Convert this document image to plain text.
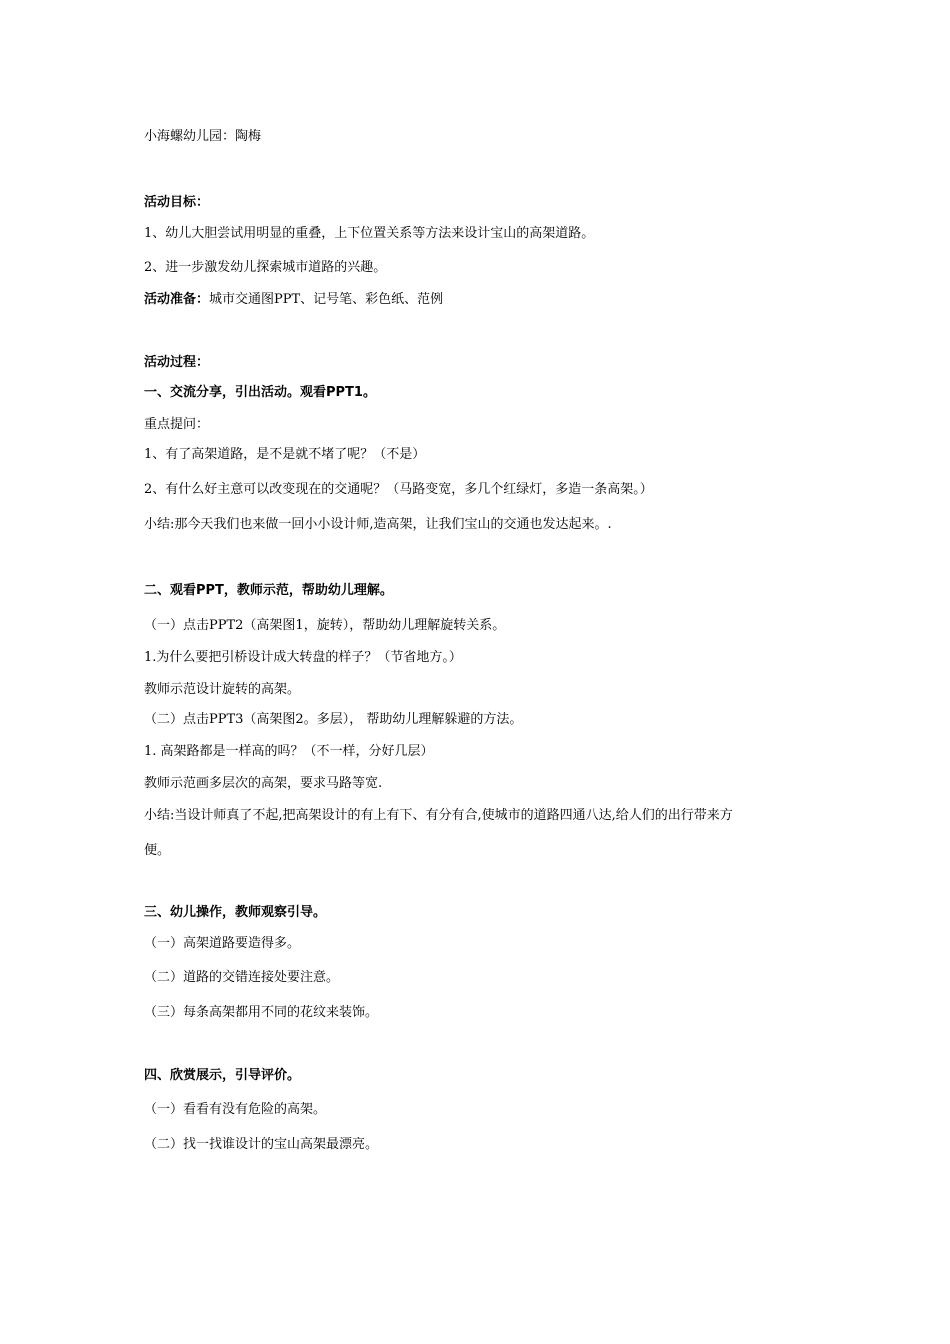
小海螺幼儿园：陶梅
活动目标：
1、幼儿大胆尝试用明显的重叠，上下位置关系等方法来设计宝山的高架道路。
2、进一步激发幼儿探索城市道路的兴趣。
活动准备：城市交通图PPT、记号笔、彩色纸、范例
活动过程：
一、交流分享，引出活动。观看PPT1。
重点提问：
1、有了高架道路，是不是就不堵了呢？（不是）
2、有什么好主意可以改变现在的交通呢？（马路变宽，多几个红绿灯，多造一条高架。）
小结:那今天我们也来做一回小小设计师,造高架，让我们宝山的交通也发达起来。.
二、观看PPT，教师示范，帮助幼儿理解。
（一）点击PPT2（高架图1，旋转），帮助幼儿理解旋转关系。
1.为什么要把引桥设计成大转盘的样子？（节省地方。）
教师示范设计旋转的高架。
（二）点击PPT3（高架图2。多层）， 帮助幼儿理解躲避的方法。
1. 高架路都是一样高的吗？（不一样，分好几层）
教师示范画多层次的高架，要求马路等宽.
小结:当设计师真了不起,把高架设计的有上有下、有分有合,使城市的道路四通八达,给人们的出行带来方
便。
三、幼儿操作，教师观察引导。
（一）高架道路要造得多。
（二）道路的交错连接处要注意。
（三）每条高架都用不同的花纹来装饰。
四、欣赏展示，引导评价。
（一）看看有没有危险的高架。
（二）找一找谁设计的宝山高架最漂亮。
